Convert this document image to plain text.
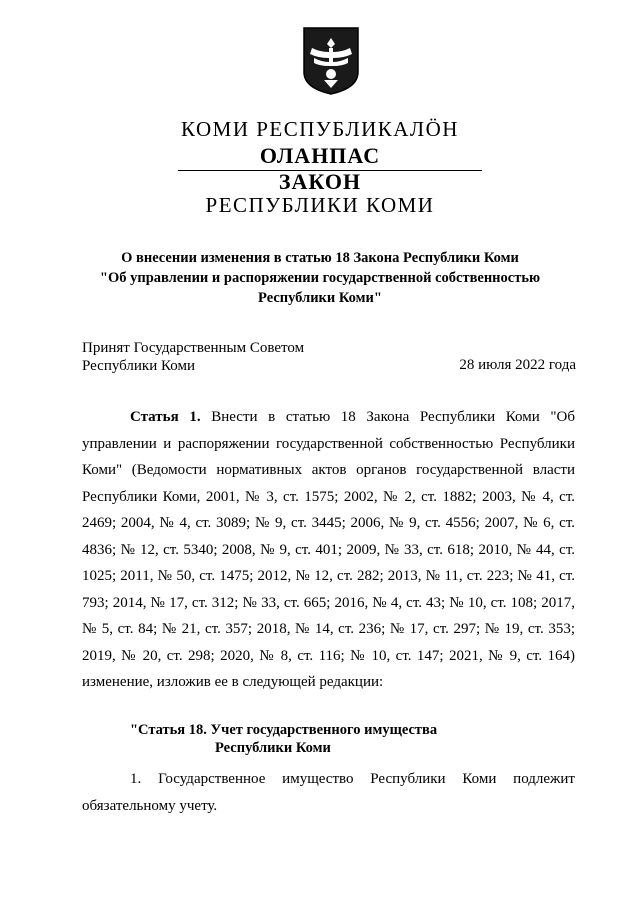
КОМИ РЕСПУБЛИКАЛӦН
ОЛАНПАС
ЗАКОН
РЕСПУБЛИКИ КОМИ
О внесении изменения в статью 18 Закона Республики Коми
"Об управлении и распоряжении государственной собственностью
Республики Коми"
Принят Государственным Советом
Республики Коми	28 июля 2022 года
Статья 1. Внести в статью 18 Закона Республики Коми "Об управлении и распоряжении государственной собственностью Республики Коми" (Ведомости нормативных актов органов государственной власти Республики Коми, 2001, № 3, ст. 1575; 2002, № 2, ст. 1882; 2003, № 4, ст. 2469; 2004, № 4, ст. 3089; № 9, ст. 3445; 2006, № 9, ст. 4556; 2007, № 6, ст. 4836; № 12, ст. 5340; 2008, № 9, ст. 401; 2009, № 33, ст. 618; 2010, № 44, ст. 1025; 2011, № 50, ст. 1475; 2012, № 12, ст. 282; 2013, № 11, ст. 223; № 41, ст. 793; 2014, № 17, ст. 312; № 33, ст. 665; 2016, № 4, ст. 43; № 10, ст. 108; 2017, № 5, ст. 84; № 21, ст. 357; 2018, № 14, ст. 236; № 17, ст. 297; № 19, ст. 353; 2019, № 20, ст. 298; 2020, № 8, ст. 116; № 10, ст. 147; 2021, № 9, ст. 164) изменение, изложив ее в следующей редакции:
"Статья 18. Учет государственного имущества
Республики Коми
1. Государственное имущество Республики Коми подлежит обязательному учету.
